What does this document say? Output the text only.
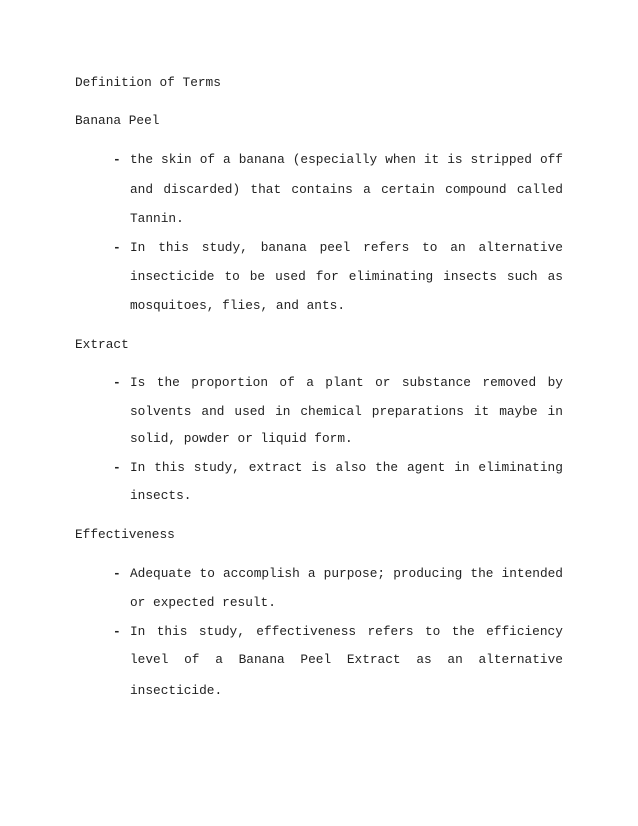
Definition of Terms
Banana Peel
- the skin of a banana (especially when it is stripped off
and discarded) that contains a certain compound called
Tannin.
- In this study, banana peel refers to an alternative
insecticide to be used for eliminating insects such as
mosquitoes, flies, and ants.
Extract
- Is the proportion of a plant or substance removed by
solvents and used in chemical preparations it maybe in
solid, powder or liquid form.
- In this study, extract is also the agent in eliminating
insects.
Effectiveness
- Adequate to accomplish a purpose; producing the intended
or expected result.
- In this study, effectiveness refers to the efficiency
level of a Banana Peel Extract as an alternative
insecticide.
